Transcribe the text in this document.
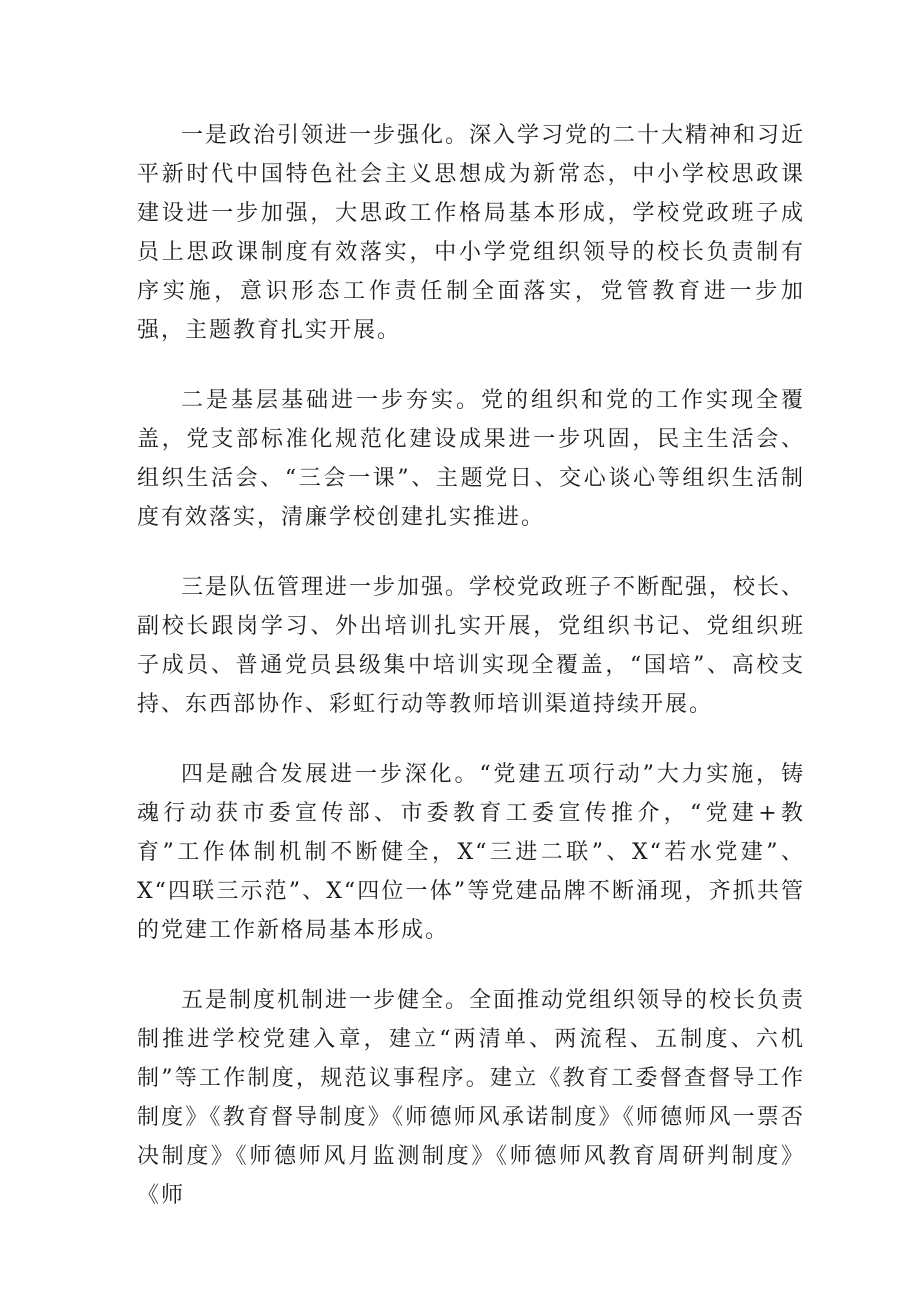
一是政治引领进一步强化。深入学习党的二十大精神和习近平新时代中国特色社会主义思想成为新常态，中小学校思政课建设进一步加强，大思政工作格局基本形成，学校党政班子成员上思政课制度有效落实，中小学党组织领导的校长负责制有序实施，意识形态工作责任制全面落实，党管教育进一步加强，主题教育扎实开展。

二是基层基础进一步夯实。党的组织和党的工作实现全覆盖，党支部标准化规范化建设成果进一步巩固，民主生活会、组织生活会、“三会一课”、主题党日、交心谈心等组织生活制度有效落实，清廉学校创建扎实推进。

三是队伍管理进一步加强。学校党政班子不断配强，校长、副校长跟岗学习、外出培训扎实开展，党组织书记、党组织班子成员、普通党员县级集中培训实现全覆盖，“国培”、高校支持、东西部协作、彩虹行动等教师培训渠道持续开展。

四是融合发展进一步深化。“党建五项行动”大力实施，铸魂行动获市委宣传部、市委教育工委宣传推介，“党建+教育”工作体制机制不断健全，X“三进二联”、X“若水党建”、X“四联三示范”、X“四位一体”等党建品牌不断涌现，齐抓共管的党建工作新格局基本形成。

五是制度机制进一步健全。全面推动党组织领导的校长负责制推进学校党建入章，建立“两清单、两流程、五制度、六机制”等工作制度，规范议事程序。建立《教育工委督查督导工作制度》《教育督导制度》《师德师风承诺制度》《师德师风一票否决制度》《师德师风月监测制度》《师德师风教育周研判制度》《师
